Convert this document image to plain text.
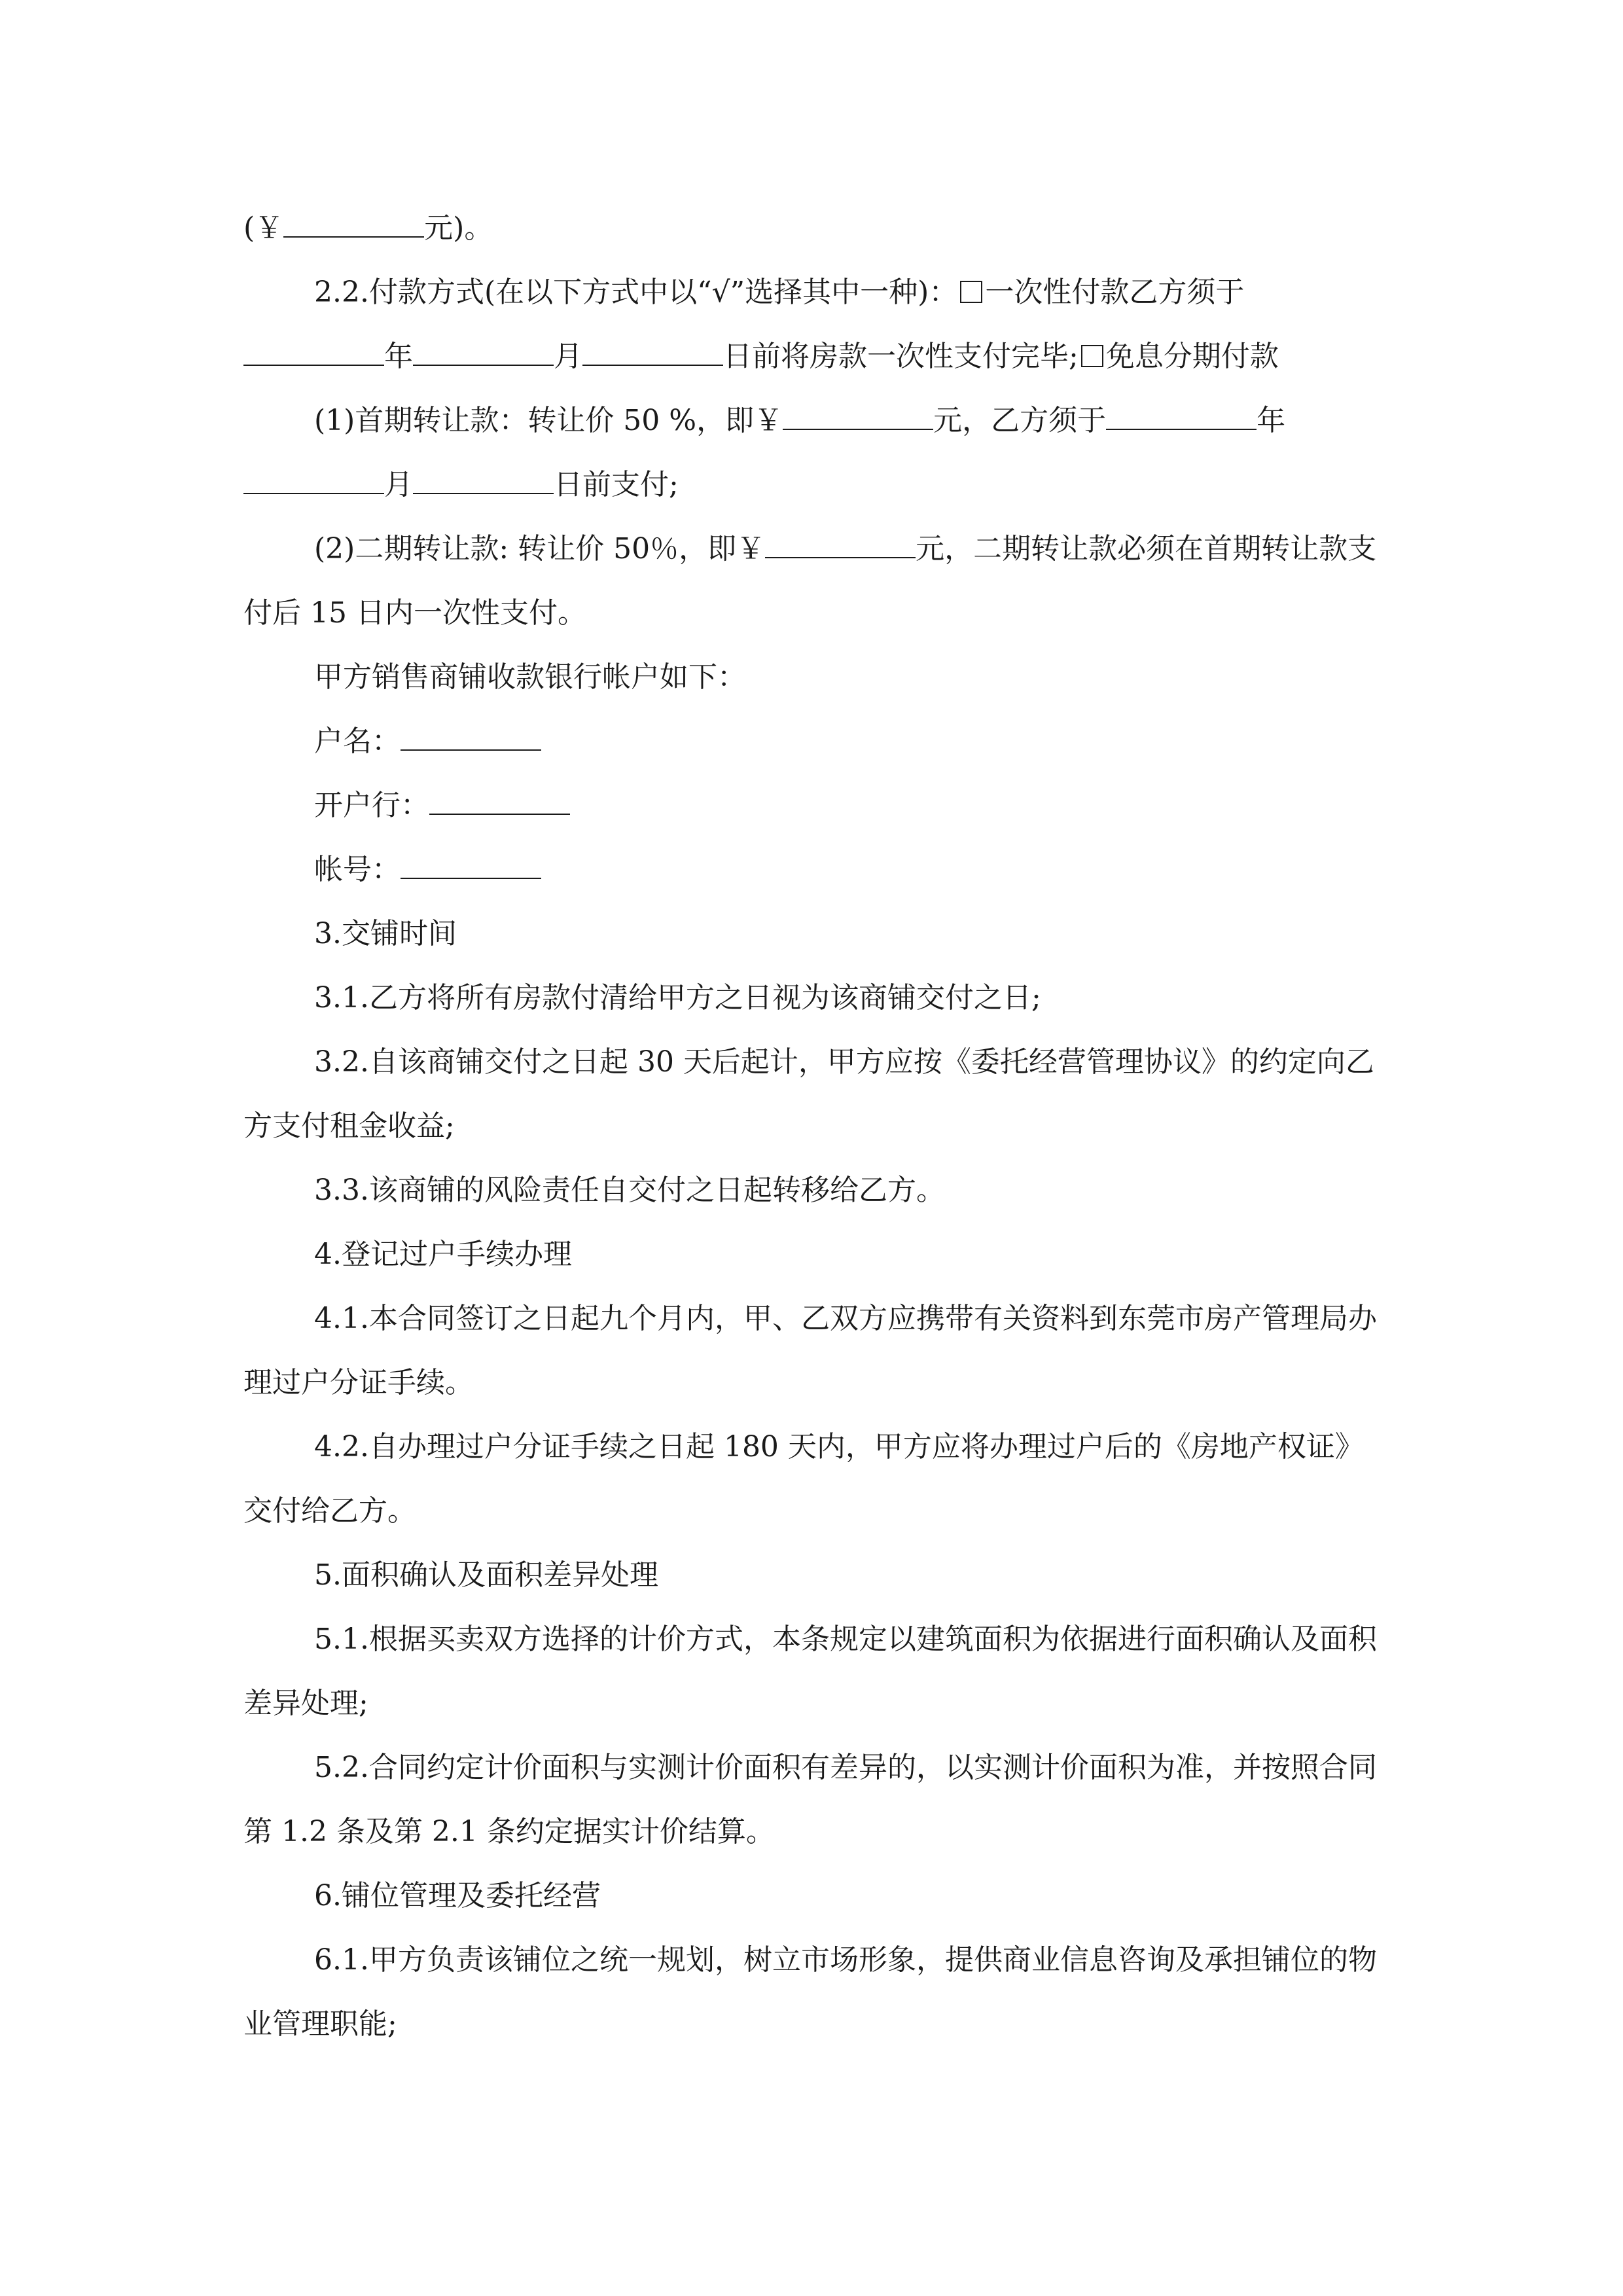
(￥	元)。

2.2.付款方式(在以下方式中以“√”选择其中一种)： 一次性付款乙方须于

年	月	日前将房款一次性支付完毕; 免息分期付款

(1)首期转让款：转让价 50 %，即￥	元，乙方须于	年

月	日前支付;

(2)二期转让款: 转让价 50％，即￥	元，二期转让款必须在首期转让款支付后 15 日内一次性支付。

甲方销售商铺收款银行帐户如下：

户名：

开户行：

帐号：

3.交铺时间

3.1.乙方将所有房款付清给甲方之日视为该商铺交付之日;

3.2.自该商铺交付之日起 30 天后起计，甲方应按《委托经营管理协议》的约定向乙方支付租金收益;

3.3.该商铺的风险责任自交付之日起转移给乙方。

4.登记过户手续办理

4.1.本合同签订之日起九个月内，甲、乙双方应携带有关资料到东莞市房产管理局办理过户分证手续。

4.2.自办理过户分证手续之日起 180 天内，甲方应将办理过户后的《房地产权证》交付给乙方。

5.面积确认及面积差异处理

5.1.根据买卖双方选择的计价方式，本条规定以建筑面积为依据进行面积确认及面积差异处理;

5.2.合同约定计价面积与实测计价面积有差异的，以实测计价面积为准，并按照合同第 1.2 条及第 2.1 条约定据实计价结算。

6.铺位管理及委托经营

6.1.甲方负责该铺位之统一规划，树立市场形象，提供商业信息咨询及承担铺位的物业管理职能;
